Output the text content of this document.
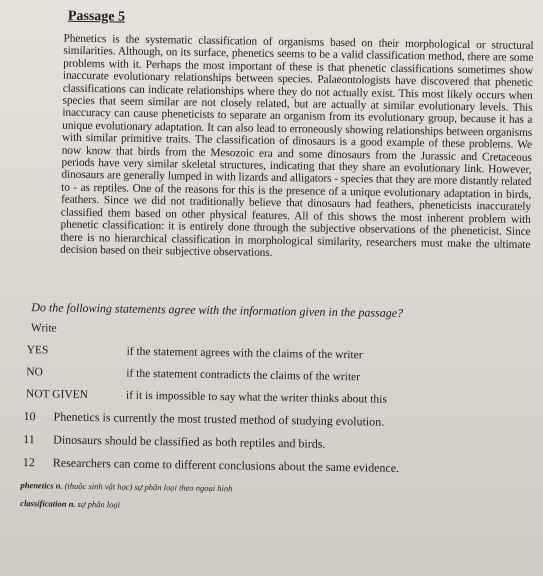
Passage 5

Phenetics is the systematic classification of organisms based on their morphological or structural similarities. Although, on its surface, phenetics seems to be a valid classification method, there are some problems with it. Perhaps the most important of these is that phenetic classifications sometimes show inaccurate evolutionary relationships between species. Palaeontologists have discovered that phenetic classifications can indicate relationships where they do not actually exist. This most likely occurs when species that seem similar are not closely related, but are actually at similar evolutionary levels. This inaccuracy can cause pheneticists to separate an organism from its evolutionary group, because it has a unique evolutionary adaptation. It can also lead to erroneously showing relationships between organisms with similar primitive traits. The classification of dinosaurs is a good example of these problems. We now know that birds from the Mesozoic era and some dinosaurs from the Jurassic and Cretaceous periods have very similar skeletal structures, indicating that they share an evolutionary link. However, dinosaurs are generally lumped in with lizards and alligators - species that they are more distantly related to - as reptiles. One of the reasons for this is the presence of a unique evolutionary adaptation in birds, feathers. Since we did not traditionally believe that dinosaurs had feathers, pheneticists inaccurately classified them based on other physical features. All of this shows the most inherent problem with phenetic classification: it is entirely done through the subjective observations of the pheneticist. Since there is no hierarchical classification in morphological similarity, researchers must make the ultimate decision based on their subjective observations.

Do the following statements agree with the information given in the passage?
Write
YES	if the statement agrees with the claims of the writer
NO	if the statement contradicts the claims of the writer
NOT GIVEN	if it is impossible to say what the writer thinks about this
10 Phenetics is currently the most trusted method of studying evolution.
11 Dinosaurs should be classified as both reptiles and birds.
12 Researchers can come to different conclusions about the same evidence.
phenetics n. (thuộc sinh vật học) sự phân loại theo ngoại hình
classification n. sự phân loại
